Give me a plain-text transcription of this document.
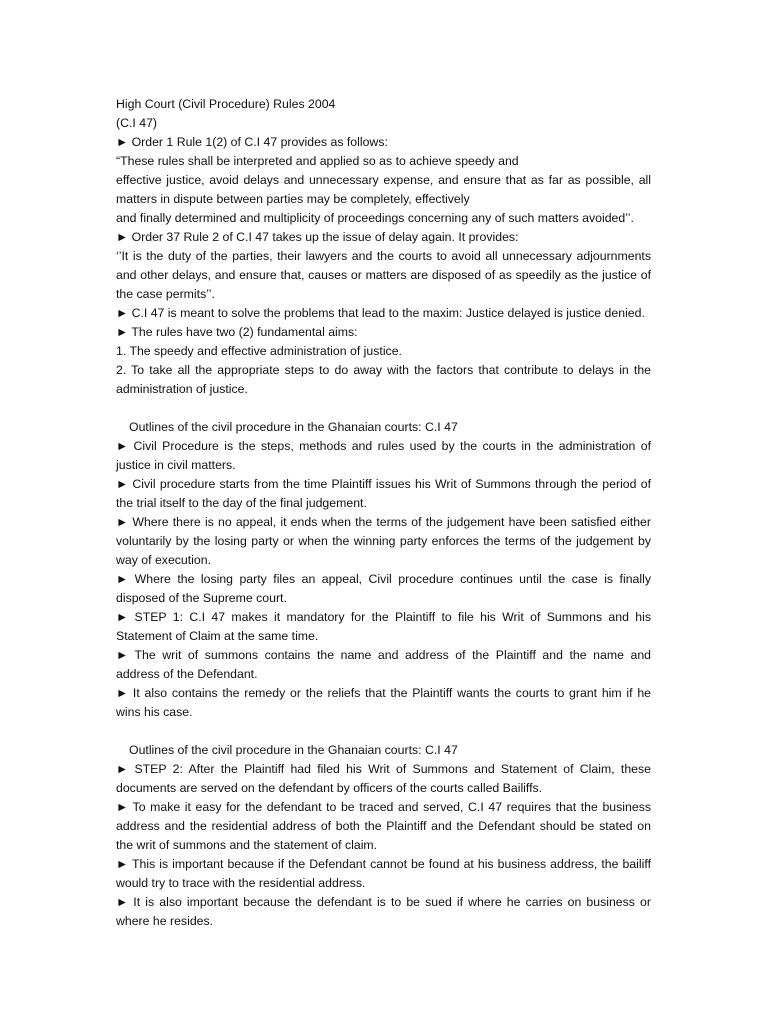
High Court (Civil Procedure) Rules 2004
(C.I 47)
► Order 1 Rule 1(2) of C.I 47 provides as follows:
“These rules shall be interpreted and applied so as to achieve speedy and
effective justice, avoid delays and unnecessary expense, and ensure that as far as possible, all
matters in dispute between parties may be completely, effectively
and finally determined and multiplicity of proceedings concerning any of such matters avoided’’.
► Order 37 Rule 2 of C.I 47 takes up the issue of delay again. It provides:
‘’It is the duty of the parties, their lawyers and the courts to avoid all unnecessary adjournments
and other delays, and ensure that, causes or matters are disposed of as speedily as the justice of
the case permits’’.
► C.I 47 is meant to solve the problems that lead to the maxim: Justice delayed is justice denied.
► The rules have two (2) fundamental aims:
1. The speedy and effective administration of justice.
2. To take all the appropriate steps to do away with the factors that contribute to delays in the
administration of justice.
Outlines of the civil procedure in the Ghanaian courts: C.I 47
► Civil Procedure is the steps, methods and rules used by the courts in the administration of
justice in civil matters.
► Civil procedure starts from the time Plaintiff issues his Writ of Summons through the period of
the trial itself to the day of the final judgement.
► Where there is no appeal, it ends when the terms of the judgement have been satisfied either
voluntarily by the losing party or when the winning party enforces the terms of the judgement by
way of execution.
► Where the losing party files an appeal, Civil procedure continues until the case is finally
disposed of the Supreme court.
► STEP 1: C.I 47 makes it mandatory for the Plaintiff to file his Writ of Summons and his
Statement of Claim at the same time.
► The writ of summons contains the name and address of the Plaintiff and the name and
address of the Defendant.
► It also contains the remedy or the reliefs that the Plaintiff wants the courts to grant him if he
wins his case.
Outlines of the civil procedure in the Ghanaian courts: C.I 47
► STEP 2: After the Plaintiff had filed his Writ of Summons and Statement of Claim, these
documents are served on the defendant by officers of the courts called Bailiffs.
► To make it easy for the defendant to be traced and served, C.I 47 requires that the business
address and the residential address of both the Plaintiff and the Defendant should be stated on
the writ of summons and the statement of claim.
► This is important because if the Defendant cannot be found at his business address, the bailiff
would try to trace with the residential address.
► It is also important because the defendant is to be sued if where he carries on business or
where he resides.
